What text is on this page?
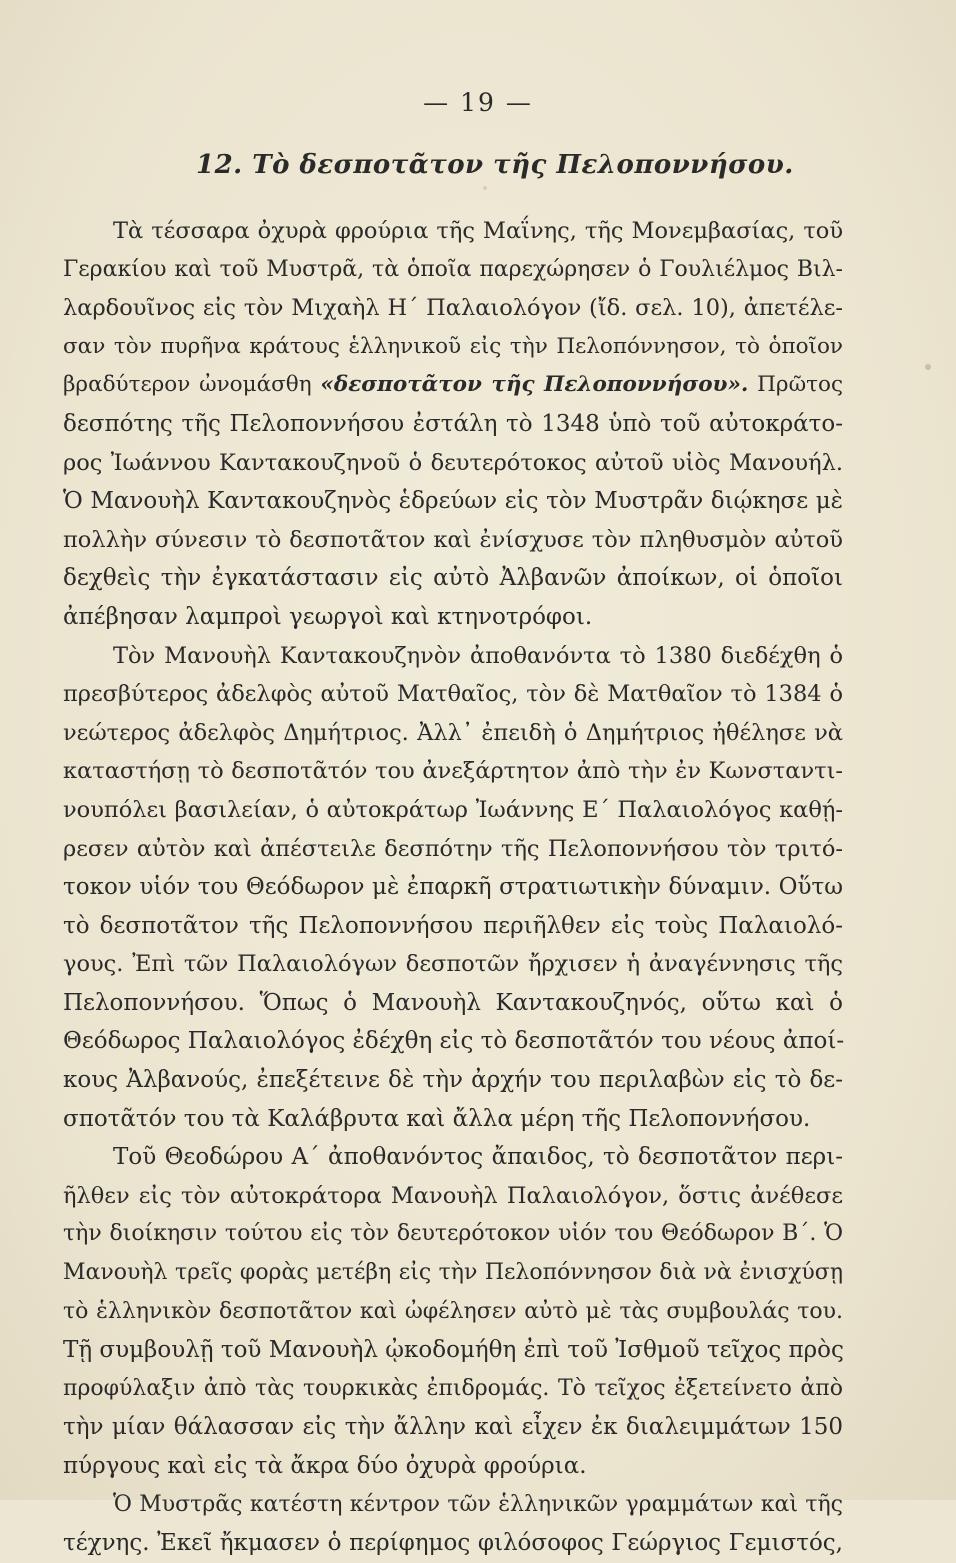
— 19 —
12. Τὸ δεσποτᾶτον τῆς Πελοποννήσου.
Τὰ τέσσαρα ὀχυρὰ φρούρια τῆς Μαΐνης, τῆς Μονεμβασίας, τοῦ
Γερακίου καὶ τοῦ Μυστρᾶ, τὰ ὁποῖα παρεχώρησεν ὁ Γουλιέλμος Βιλ-
λαρδουῖνος εἰς τὸν Μιχαὴλ Η΄ Παλαιολόγον (ἴδ. σελ. 10), ἀπετέλε-
σαν τὸν πυρῆνα κράτους ἑλληνικοῦ εἰς τὴν Πελοπόννησον, τὸ ὁποῖον
βραδύτερον ὠνομάσθη «δεσποτᾶτον τῆς Πελοποννήσου». Πρῶτος
δεσπότης τῆς Πελοποννήσου ἐστάλη τὸ 1348 ὑπὸ τοῦ αὐτοκράτο-
ρος Ἰωάννου Καντακουζηνοῦ ὁ δευτερότοκος αὐτοῦ υἱὸς Μανουήλ.
Ὁ Μανουὴλ Καντακουζηνὸς ἑδρεύων εἰς τὸν Μυστρᾶν διῴκησε μὲ
πολλὴν σύνεσιν τὸ δεσποτᾶτον καὶ ἐνίσχυσε τὸν πληθυσμὸν αὐτοῦ
δεχθεὶς τὴν ἐγκατάστασιν εἰς αὐτὸ Ἀλβανῶν ἀποίκων, οἱ ὁποῖοι
ἀπέβησαν λαμπροὶ γεωργοὶ καὶ κτηνοτρόφοι.
Τὸν Μανουὴλ Καντακουζηνὸν ἀποθανόντα τὸ 1380 διεδέχθη ὁ
πρεσβύτερος ἀδελφὸς αὐτοῦ Ματθαῖος, τὸν δὲ Ματθαῖον τὸ 1384 ὁ
νεώτερος ἀδελφὸς Δημήτριος. Ἀλλ᾽ ἐπειδὴ ὁ Δημήτριος ἠθέλησε νὰ
καταστήσῃ τὸ δεσποτᾶτόν του ἀνεξάρτητον ἀπὸ τὴν ἐν Κωνσταντι-
νουπόλει βασιλείαν, ὁ αὐτοκράτωρ Ἰωάννης Ε΄ Παλαιολόγος καθῄ-
ρεσεν αὐτὸν καὶ ἀπέστειλε δεσπότην τῆς Πελοποννήσου τὸν τριτό-
τοκον υἱόν του Θεόδωρον μὲ ἐπαρκῆ στρατιωτικὴν δύναμιν. Οὕτω
τὸ δεσποτᾶτον τῆς Πελοποννήσου περιῆλθεν εἰς τοὺς Παλαιολό-
γους. Ἐπὶ τῶν Παλαιολόγων δεσποτῶν ἤρχισεν ἡ ἀναγέννησις τῆς
Πελοποννήσου. Ὅπως ὁ Μανουὴλ Καντακουζηνός, οὕτω καὶ ὁ
Θεόδωρος Παλαιολόγος ἐδέχθη εἰς τὸ δεσποτᾶτόν του νέους ἀποί-
κους Ἀλβανούς, ἐπεξέτεινε δὲ τὴν ἀρχήν του περιλαβὼν εἰς τὸ δε-
σποτᾶτόν του τὰ Καλάβρυτα καὶ ἄλλα μέρη τῆς Πελοποννήσου.
Τοῦ Θεοδώρου Α΄ ἀποθανόντος ἄπαιδος, τὸ δεσποτᾶτον περι-
ῆλθεν εἰς τὸν αὐτοκράτορα Μανουὴλ Παλαιολόγον, ὅστις ἀνέθεσε
τὴν διοίκησιν τούτου εἰς τὸν δευτερότοκον υἱόν του Θεόδωρον Β΄. Ὁ
Μανουὴλ τρεῖς φορὰς μετέβη εἰς τὴν Πελοπόννησον διὰ νὰ ἐνισχύσῃ
τὸ ἑλληνικὸν δεσποτᾶτον καὶ ὠφέλησεν αὐτὸ μὲ τὰς συμβουλάς του.
Τῇ συμβουλῇ τοῦ Μανουὴλ ᾠκοδομήθη ἐπὶ τοῦ Ἰσθμοῦ τεῖχος πρὸς
προφύλαξιν ἀπὸ τὰς τουρκικὰς ἐπιδρομάς. Τὸ τεῖχος ἐξετείνετο ἀπὸ
τὴν μίαν θάλασσαν εἰς τὴν ἄλλην καὶ εἶχεν ἐκ διαλειμμάτων 150
πύργους καὶ εἰς τὰ ἄκρα δύο ὀχυρὰ φρούρια.
Ὁ Μυστρᾶς κατέστη κέντρον τῶν ἑλληνικῶν γραμμάτων καὶ τῆς
τέχνης. Ἐκεῖ ἤκμασεν ὁ περίφημος φιλόσοφος Γεώργιος Γεμιστός,
